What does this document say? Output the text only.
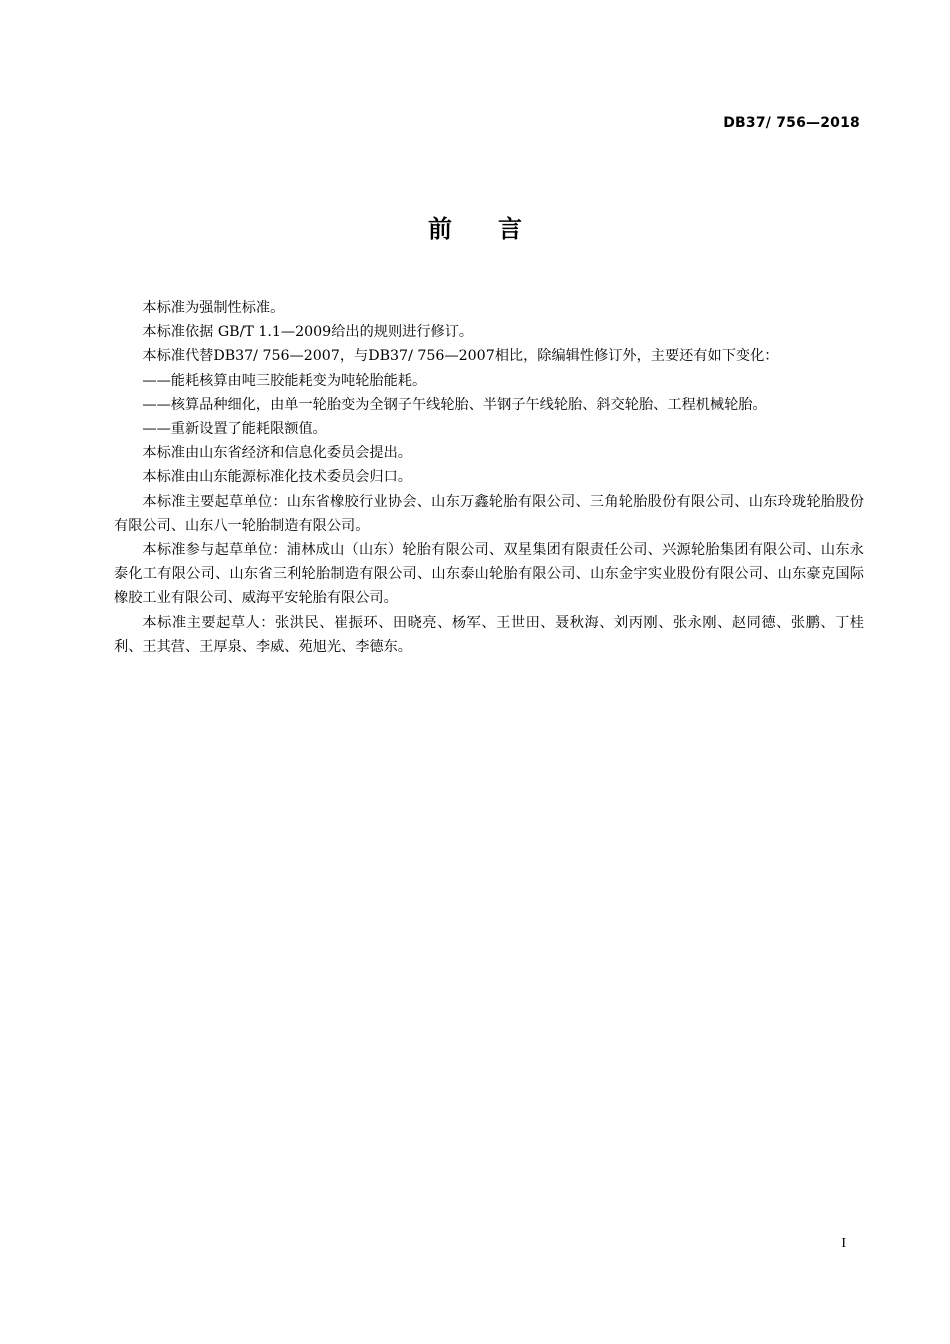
DB37/ 756—2018
前言

本标准为强制性标准。

本标准依据 GB/T 1.1—2009给出的规则进行修订。

本标准代替DB37/ 756—2007，与DB37/ 756—2007相比，除编辑性修订外，主要还有如下变化：

——能耗核算由吨三胶能耗变为吨轮胎能耗。

——核算品种细化，由单一轮胎变为全钢子午线轮胎、半钢子午线轮胎、斜交轮胎、工程机械轮胎。

——重新设置了能耗限额值。

本标准由山东省经济和信息化委员会提出。

本标准由山东能源标准化技术委员会归口。

本标准主要起草单位：山东省橡胶行业协会、山东万鑫轮胎有限公司、三角轮胎股份有限公司、山东玲珑轮胎股份有限公司、山东八一轮胎制造有限公司。

本标准参与起草单位：浦林成山（山东）轮胎有限公司、双星集团有限责任公司、兴源轮胎集团有限公司、山东永泰化工有限公司、山东省三利轮胎制造有限公司、山东泰山轮胎有限公司、山东金宇实业股份有限公司、山东豪克国际橡胶工业有限公司、威海平安轮胎有限公司。

本标准主要起草人：张洪民、崔振环、田晓亮、杨军、王世田、聂秋海、刘丙刚、张永刚、赵同德、张鹏、丁桂利、王其营、王厚泉、李威、苑旭光、李德东。

I
